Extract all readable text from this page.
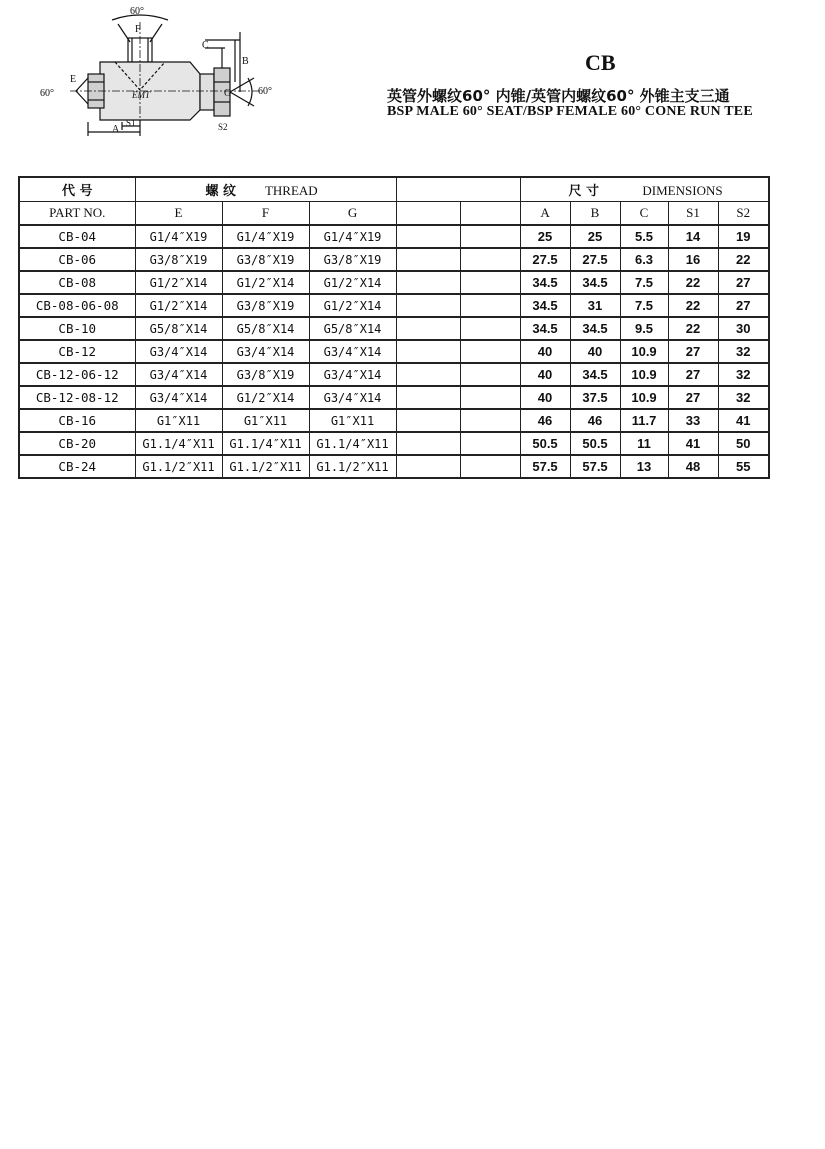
60°
F
60°
E
C
B
G	60°
A
S1	S2
EMT
CB
英管外螺纹60° 内锥/英管内螺纹60° 外锥主支三通
BSP MALE 60° SEAT/BSP FEMALE 60° CONE RUN TEE
代 号	螺 纹 THREAD					尺 寸 DIMENSIONS				
PART NO.	E	F	G			A	B	C	S1	S2
CB-04	G1/4″X19	G1/4″X19	G1/4″X19			25	25	5.5	14	19
CB-06	G3/8″X19	G3/8″X19	G3/8″X19			27.5	27.5	6.3	16	22
CB-08	G1/2″X14	G1/2″X14	G1/2″X14			34.5	34.5	7.5	22	27
CB-08-06-08	G1/2″X14	G3/8″X19	G1/2″X14			34.5	31	7.5	22	27
CB-10	G5/8″X14	G5/8″X14	G5/8″X14			34.5	34.5	9.5	22	30
CB-12	G3/4″X14	G3/4″X14	G3/4″X14			40	40	10.9	27	32
CB-12-06-12	G3/4″X14	G3/8″X19	G3/4″X14			40	34.5	10.9	27	32
CB-12-08-12	G3/4″X14	G1/2″X14	G3/4″X14			40	37.5	10.9	27	32
CB-16	G1″X11	G1″X11	G1″X11			46	46	11.7	33	41
CB-20	G1.1/4″X11	G1.1/4″X11	G1.1/4″X11			50.5	50.5	11	41	50
CB-24	G1.1/2″X11	G1.1/2″X11	G1.1/2″X11			57.5	57.5	13	48	55
